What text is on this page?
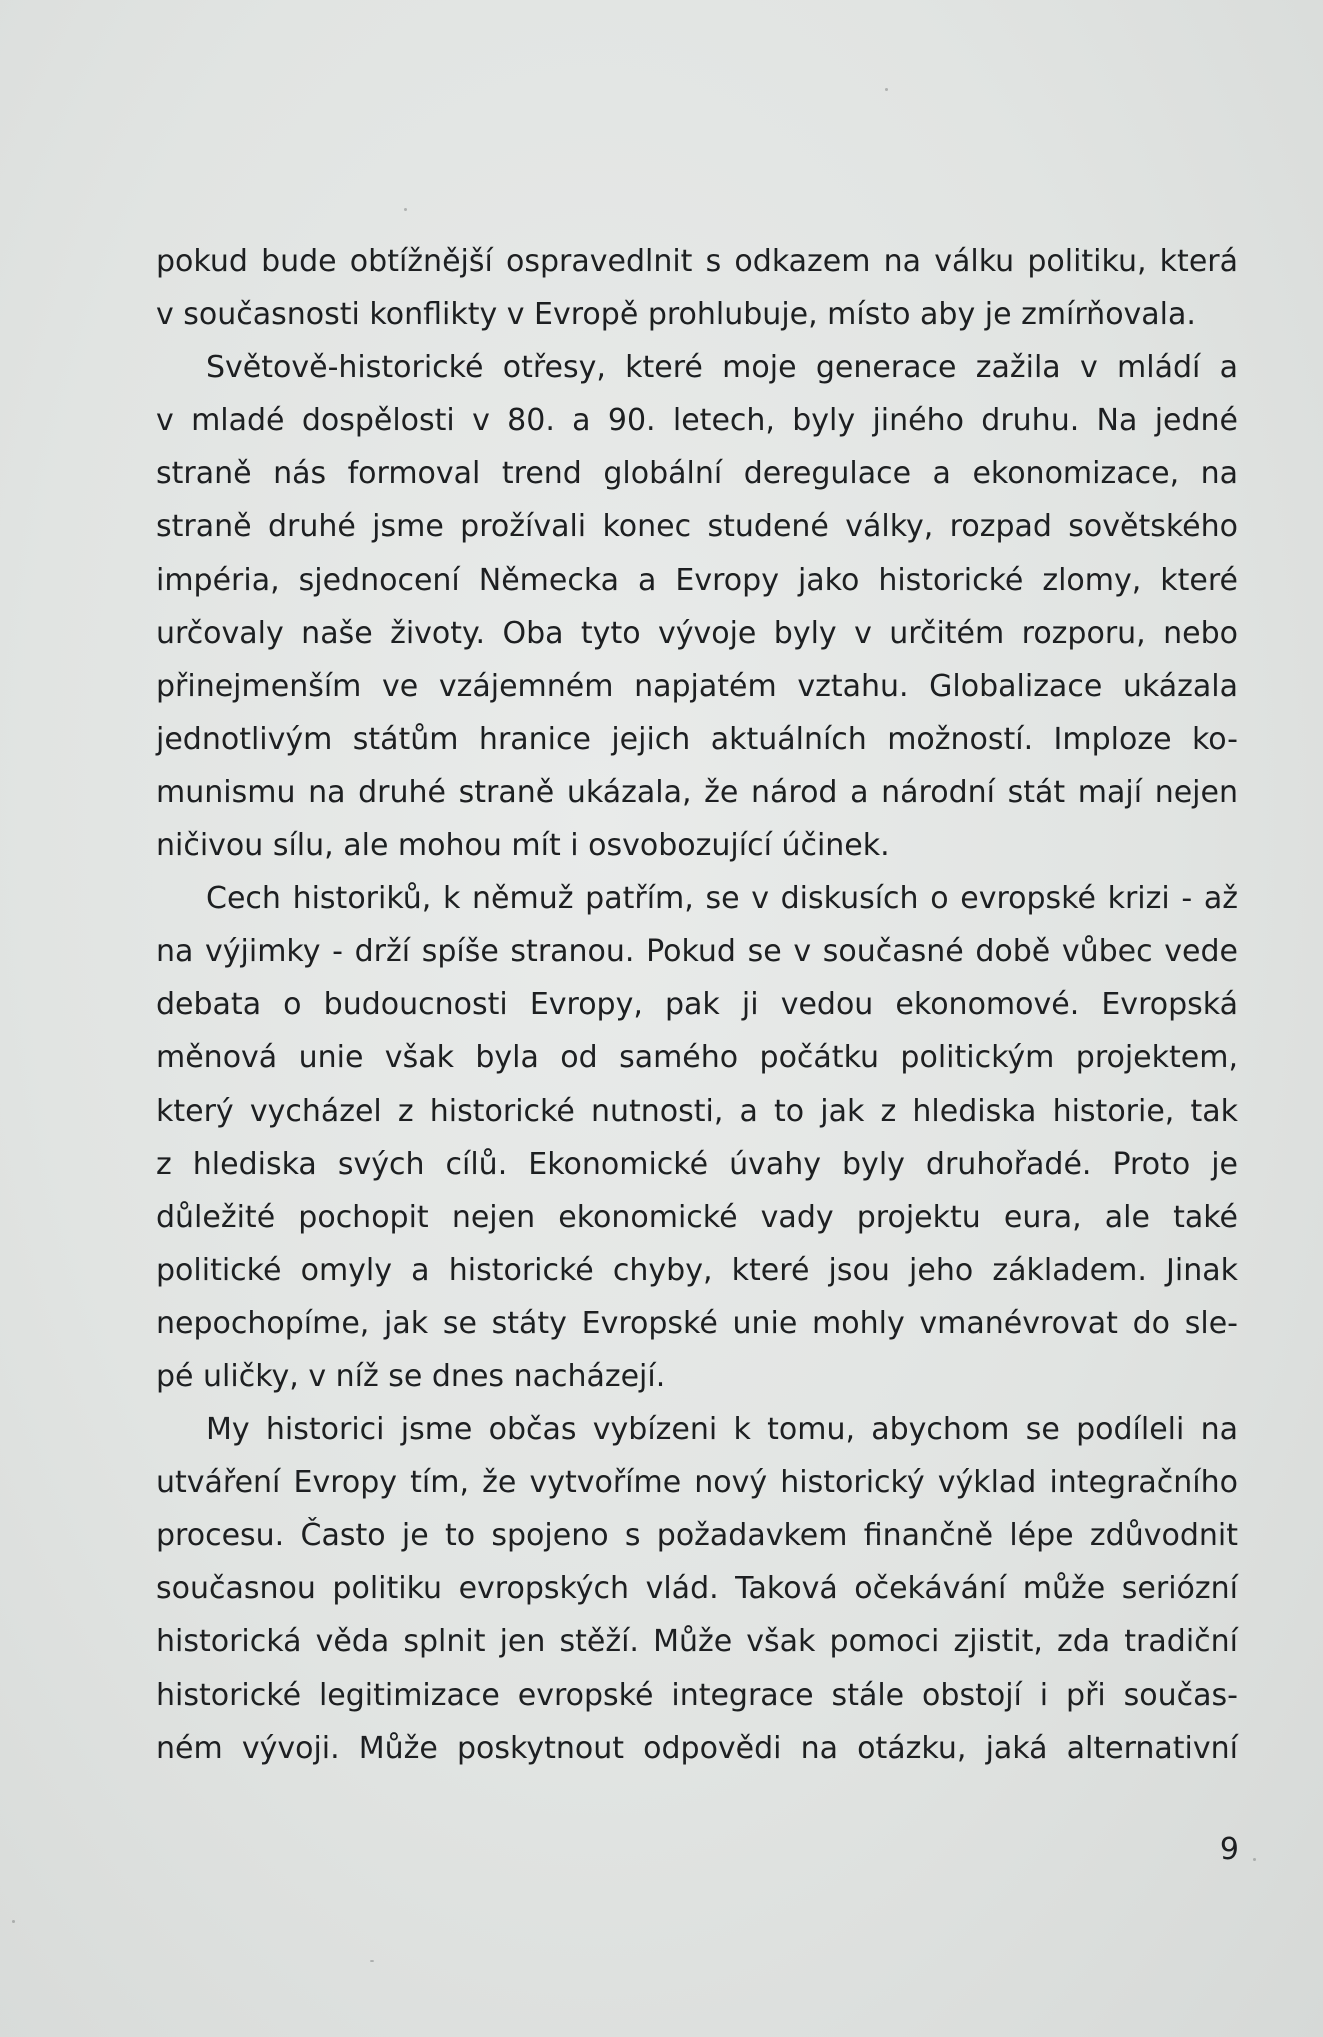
pokud bude obtížnější ospravedlnit s odkazem na válku politiku, která
v současnosti konflikty v Evropě prohlubuje, místo aby je zmírňovala.
Světově-historické otřesy, které moje generace zažila v mládí a
v mladé dospělosti v 80. a 90. letech, byly jiného druhu. Na jedné
straně nás formoval trend globální deregulace a ekonomizace, na
straně druhé jsme prožívali konec studené války, rozpad sovětského
impéria, sjednocení Německa a Evropy jako historické zlomy, které
určovaly naše životy. Oba tyto vývoje byly v určitém rozporu, nebo
přinejmenším ve vzájemném napjatém vztahu. Globalizace ukázala
jednotlivým státům hranice jejich aktuálních možností. Imploze ko-
munismu na druhé straně ukázala, že národ a národní stát mají nejen
ničivou sílu, ale mohou mít i osvobozující účinek.
Cech historiků, k němuž patřím, se v diskusích o evropské krizi - až
na výjimky - drží spíše stranou. Pokud se v současné době vůbec vede
debata o budoucnosti Evropy, pak ji vedou ekonomové. Evropská
měnová unie však byla od samého počátku politickým projektem,
který vycházel z historické nutnosti, a to jak z hlediska historie, tak
z hlediska svých cílů. Ekonomické úvahy byly druhořadé. Proto je
důležité pochopit nejen ekonomické vady projektu eura, ale také
politické omyly a historické chyby, které jsou jeho základem. Jinak
nepochopíme, jak se státy Evropské unie mohly vmanévrovat do sle-
pé uličky, v níž se dnes nacházejí.
My historici jsme občas vybízeni k tomu, abychom se podíleli na
utváření Evropy tím, že vytvoříme nový historický výklad integračního
procesu. Často je to spojeno s požadavkem finančně lépe zdůvodnit
současnou politiku evropských vlád. Taková očekávání může seriózní
historická věda splnit jen stěží. Může však pomoci zjistit, zda tradiční
historické legitimizace evropské integrace stále obstojí i při součas-
ném vývoji. Může poskytnout odpovědi na otázku, jaká alternativní
9
